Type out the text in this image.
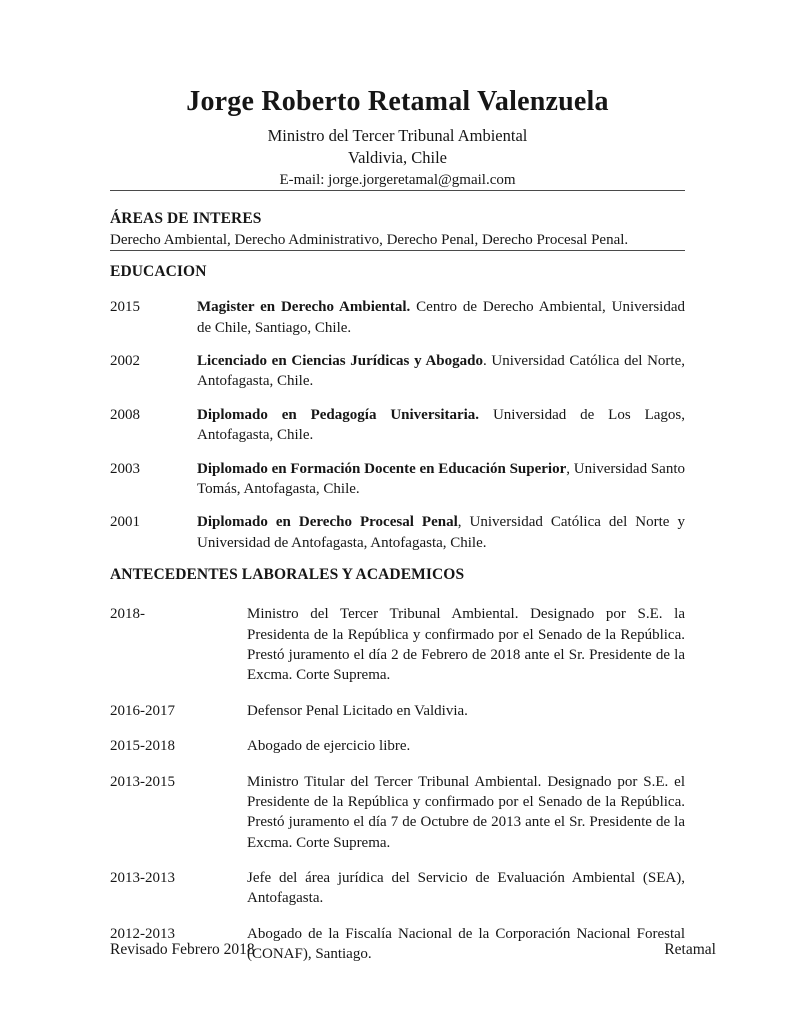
Jorge Roberto Retamal Valenzuela
Ministro del Tercer Tribunal Ambiental
Valdivia, Chile
E-mail: jorge.jorgeretamal@gmail.com
ÁREAS DE INTERES

Derecho Ambiental, Derecho Administrativo, Derecho Penal, Derecho Procesal Penal.

EDUCACION
2015	Magister en Derecho Ambiental. Centro de Derecho Ambiental, Universidad de Chile, Santiago, Chile.

2002	Licenciado en Ciencias Jurídicas y Abogado. Universidad Católica del Norte, Antofagasta, Chile.

2008	Diplomado en Pedagogía Universitaria. Universidad de Los Lagos, Antofagasta, Chile.

2003	Diplomado en Formación Docente en Educación Superior, Universidad Santo Tomás, Antofagasta, Chile.

2001	Diplomado en Derecho Procesal Penal, Universidad Católica del Norte y Universidad de Antofagasta, Antofagasta, Chile.

ANTECEDENTES LABORALES Y ACADEMICOS
2018-	Ministro del Tercer Tribunal Ambiental. Designado por S.E. la Presidenta de la República y confirmado por el Senado de la República. Prestó juramento el día 2 de Febrero de 2018 ante el Sr. Presidente de la Excma. Corte Suprema.

2016-2017	Defensor Penal Licitado en Valdivia.

2015-2018	Abogado de ejercicio libre.

2013-2015	Ministro Titular del Tercer Tribunal Ambiental. Designado por S.E. el Presidente de la República y confirmado por el Senado de la República. Prestó juramento el día 7 de Octubre de 2013 ante el Sr. Presidente de la Excma. Corte Suprema.

2013-2013	Jefe del área jurídica del Servicio de Evaluación Ambiental (SEA), Antofagasta.

2012-2013	Abogado de la Fiscalía Nacional de la Corporación Nacional Forestal (CONAF), Santiago.

Revisado Febrero 2018	Retamal
